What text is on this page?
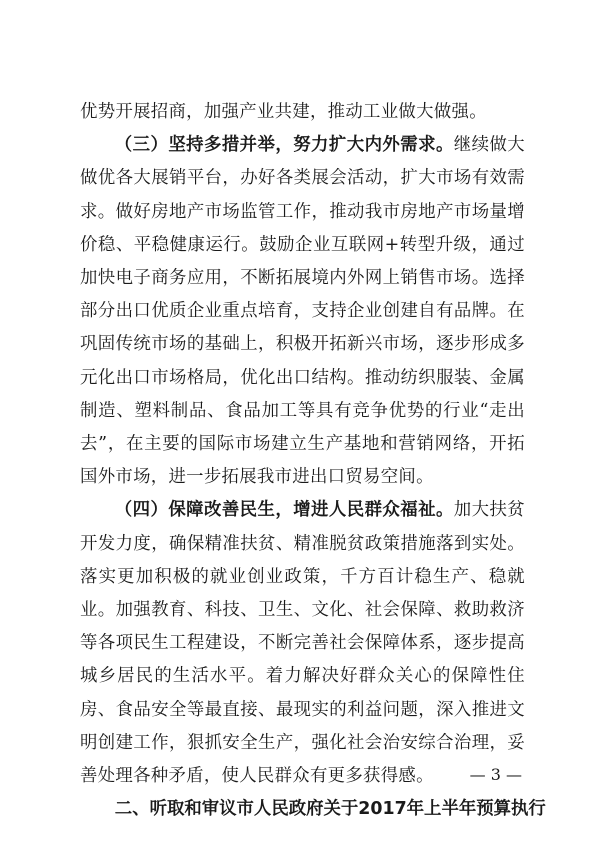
优势开展招商，加强产业共建，推动工业做大做强。

（三）坚持多措并举，努力扩大内外需求。继续做大做优各大展销平台，办好各类展会活动，扩大市场有效需求。做好房地产市场监管工作，推动我市房地产市场量增价稳、平稳健康运行。鼓励企业互联网+转型升级，通过加快电子商务应用，不断拓展境内外网上销售市场。选择部分出口优质企业重点培育，支持企业创建自有品牌。在巩固传统市场的基础上，积极开拓新兴市场，逐步形成多元化出口市场格局，优化出口结构。推动纺织服装、金属制造、塑料制品、食品加工等具有竞争优势的行业“走出去”，在主要的国际市场建立生产基地和营销网络，开拓国外市场，进一步拓展我市进出口贸易空间。

（四）保障改善民生，增进人民群众福祉。加大扶贫开发力度，确保精准扶贫、精准脱贫政策措施落到实处。落实更加积极的就业创业政策，千方百计稳生产、稳就业。加强教育、科技、卫生、文化、社会保障、救助救济等各项民生工程建设，不断完善社会保障体系，逐步提高城乡居民的生活水平。着力解决好群众关心的保障性住房、食品安全等最直接、最现实的利益问题，深入推进文明创建工作，狠抓安全生产，强化社会治安综合治理，妥善处理各种矛盾，使人民群众有更多获得感。

二、听取和审议市人民政府关于2017年上半年预算执行

— 3 —
